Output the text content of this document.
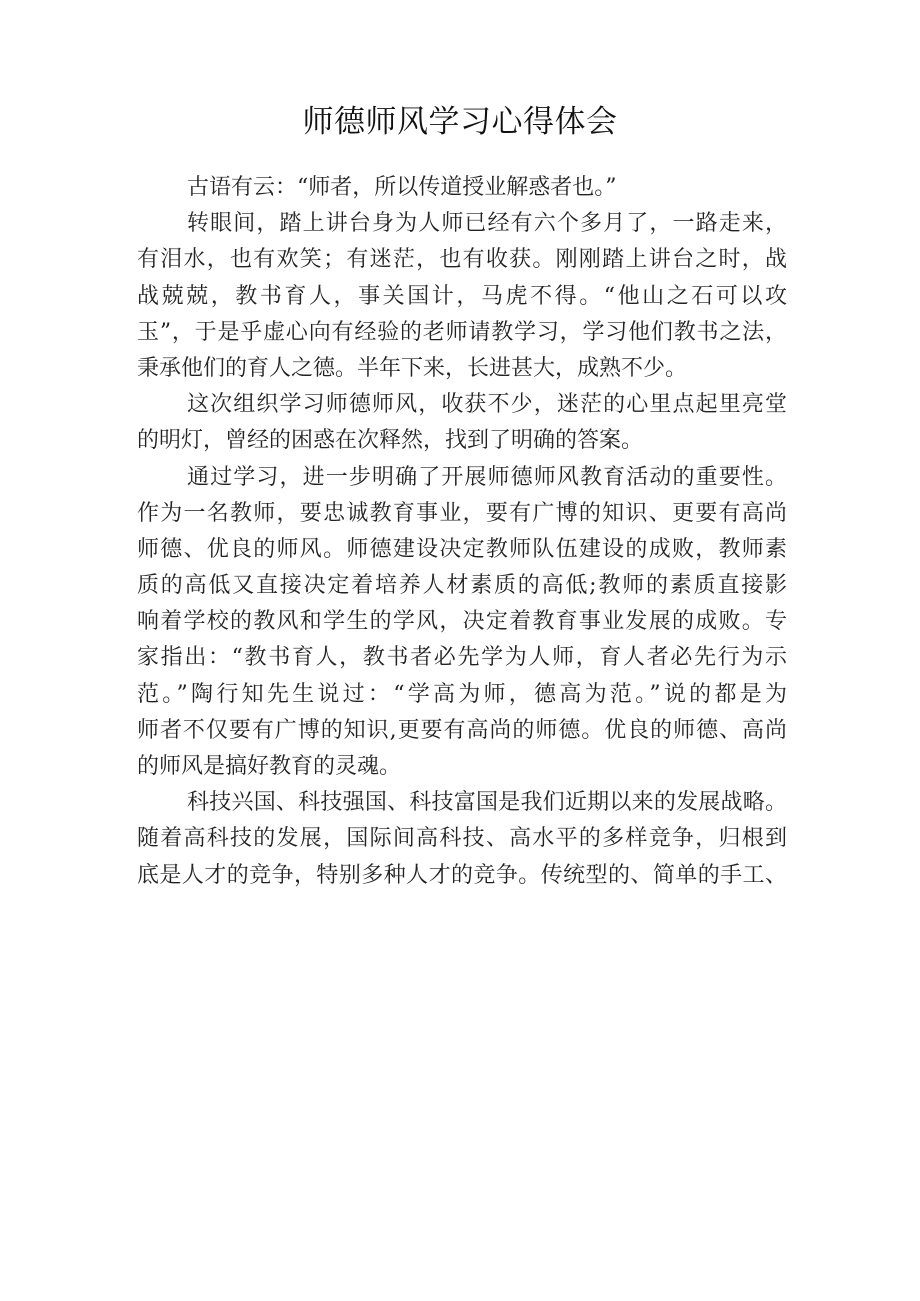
师德师风学习心得体会
古语有云：“师者，所以传道授业解惑者也。”
转眼间，踏上讲台身为人师已经有六个多月了，一路走来，
有泪水，也有欢笑；有迷茫，也有收获。刚刚踏上讲台之时，战
战兢兢，教书育人，事关国计，马虎不得。“他山之石可以攻
玉”，于是乎虚心向有经验的老师请教学习，学习他们教书之法，
秉承他们的育人之德。半年下来，长进甚大，成熟不少。
这次组织学习师德师风，收获不少，迷茫的心里点起里亮堂
的明灯，曾经的困惑在次释然，找到了明确的答案。
通过学习，进一步明确了开展师德师风教育活动的重要性。
作为一名教师，要忠诚教育事业，要有广博的知识、更要有高尚
师德、优良的师风。师德建设决定教师队伍建设的成败，教师素
质的高低又直接决定着培养人材素质的高低;教师的素质直接影
响着学校的教风和学生的学风，决定着教育事业发展的成败。专
家指出：“教书育人，教书者必先学为人师，育人者必先行为示
范。”陶行知先生说过：“学高为师，德高为范。”说的都是为
师者不仅要有广博的知识,更要有高尚的师德。优良的师德、高尚
的师风是搞好教育的灵魂。
科技兴国、科技强国、科技富国是我们近期以来的发展战略。
随着高科技的发展，国际间高科技、高水平的多样竞争，归根到
底是人才的竞争，特别多种人才的竞争。传统型的、简单的手工、
